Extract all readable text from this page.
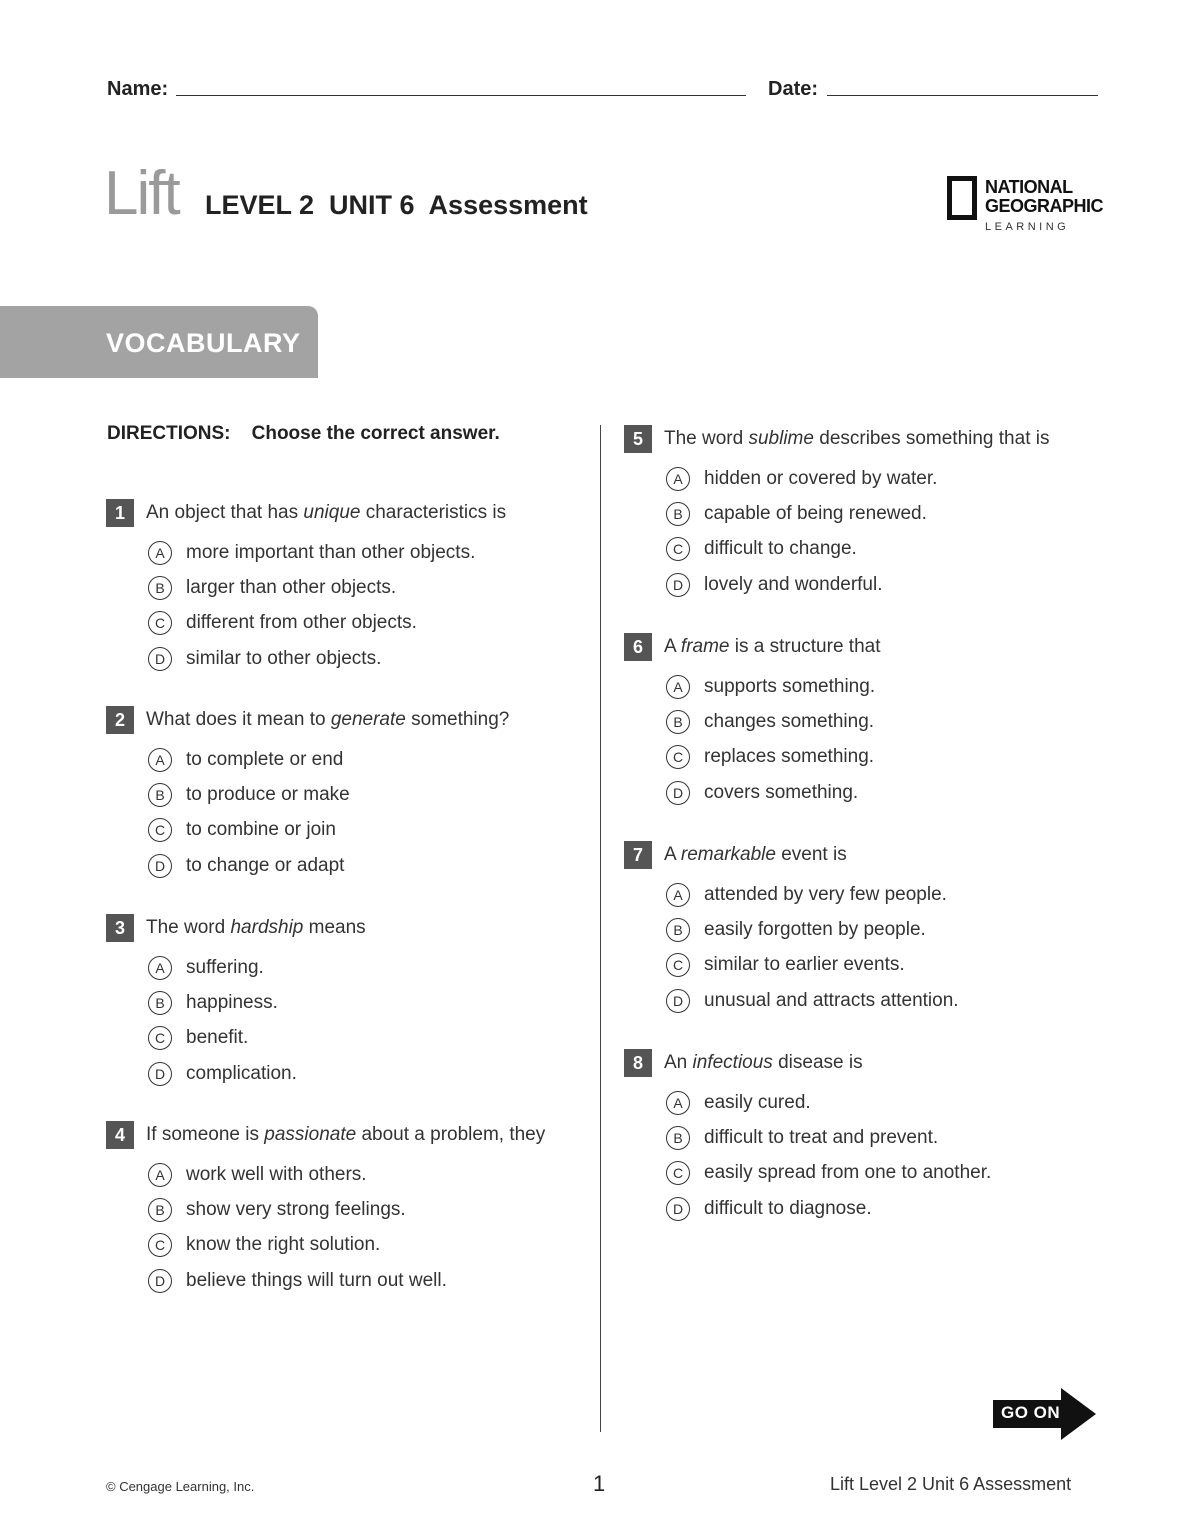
Name:	Date:
Lift LEVEL 2  UNIT 6  Assessment
NATIONAL
GEOGRAPHIC
LEARNING
VOCABULARY
DIRECTIONS: Choose the correct answer.
1	An object that has unique characteristics is
A	more important than other objects.
B	larger than other objects.
C	different from other objects.
D	similar to other objects.
2	What does it mean to generate something?
A	to complete or end
B	to produce or make
C	to combine or join
D	to change or adapt
3	The word hardship means
A	suffering.
B	happiness.
C	benefit.
D	complication.
4	If someone is passionate about a problem, they
A	work well with others.
B	show very strong feelings.
C	know the right solution.
D	believe things will turn out well.
5	The word sublime describes something that is
A	hidden or covered by water.
B	capable of being renewed.
C	difficult to change.
D	lovely and wonderful.
6	A frame is a structure that
A	supports something.
B	changes something.
C	replaces something.
D	covers something.
7	A remarkable event is
A	attended by very few people.
B	easily forgotten by people.
C	similar to earlier events.
D	unusual and attracts attention.
8	An infectious disease is
A	easily cured.
B	difficult to treat and prevent.
C	easily spread from one to another.
D	difficult to diagnose.
GO ON
© Cengage Learning, Inc.	1	Lift Level 2 Unit 6 Assessment
